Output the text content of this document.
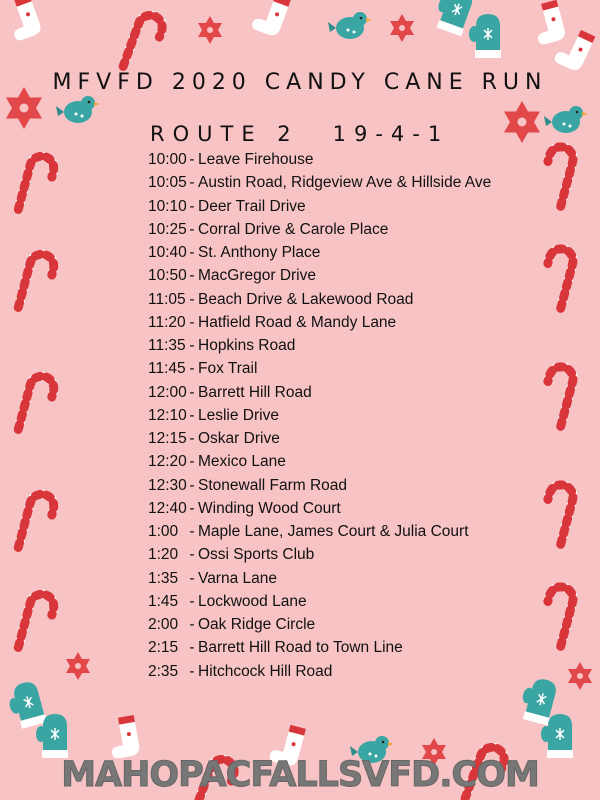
MFVFD 2020 CANDY CANE RUN
ROUTE 2 19-4-1
10:00 - Leave Firehouse
10:05 - Austin Road, Ridgeview Ave & Hillside Ave
10:10 - Deer Trail Drive
10:25 - Corral Drive & Carole Place
10:40 - St. Anthony Place
10:50 - MacGregor Drive
11:05 - Beach Drive & Lakewood Road
11:20 - Hatfield Road & Mandy Lane
11:35 - Hopkins Road
11:45 - Fox Trail
12:00 - Barrett Hill Road
12:10 - Leslie Drive
12:15 - Oskar Drive
12:20 - Mexico Lane
12:30 - Stonewall Farm Road
12:40 - Winding Wood Court
1:00 - Maple Lane, James Court & Julia Court
1:20 - Ossi Sports Club
1:35 - Varna Lane
1:45 - Lockwood Lane
2:00 - Oak Ridge Circle
2:15 - Barrett Hill Road to Town Line
2:35 - Hitchcock Hill Road
MAHOPACFALLSVFD.COM
